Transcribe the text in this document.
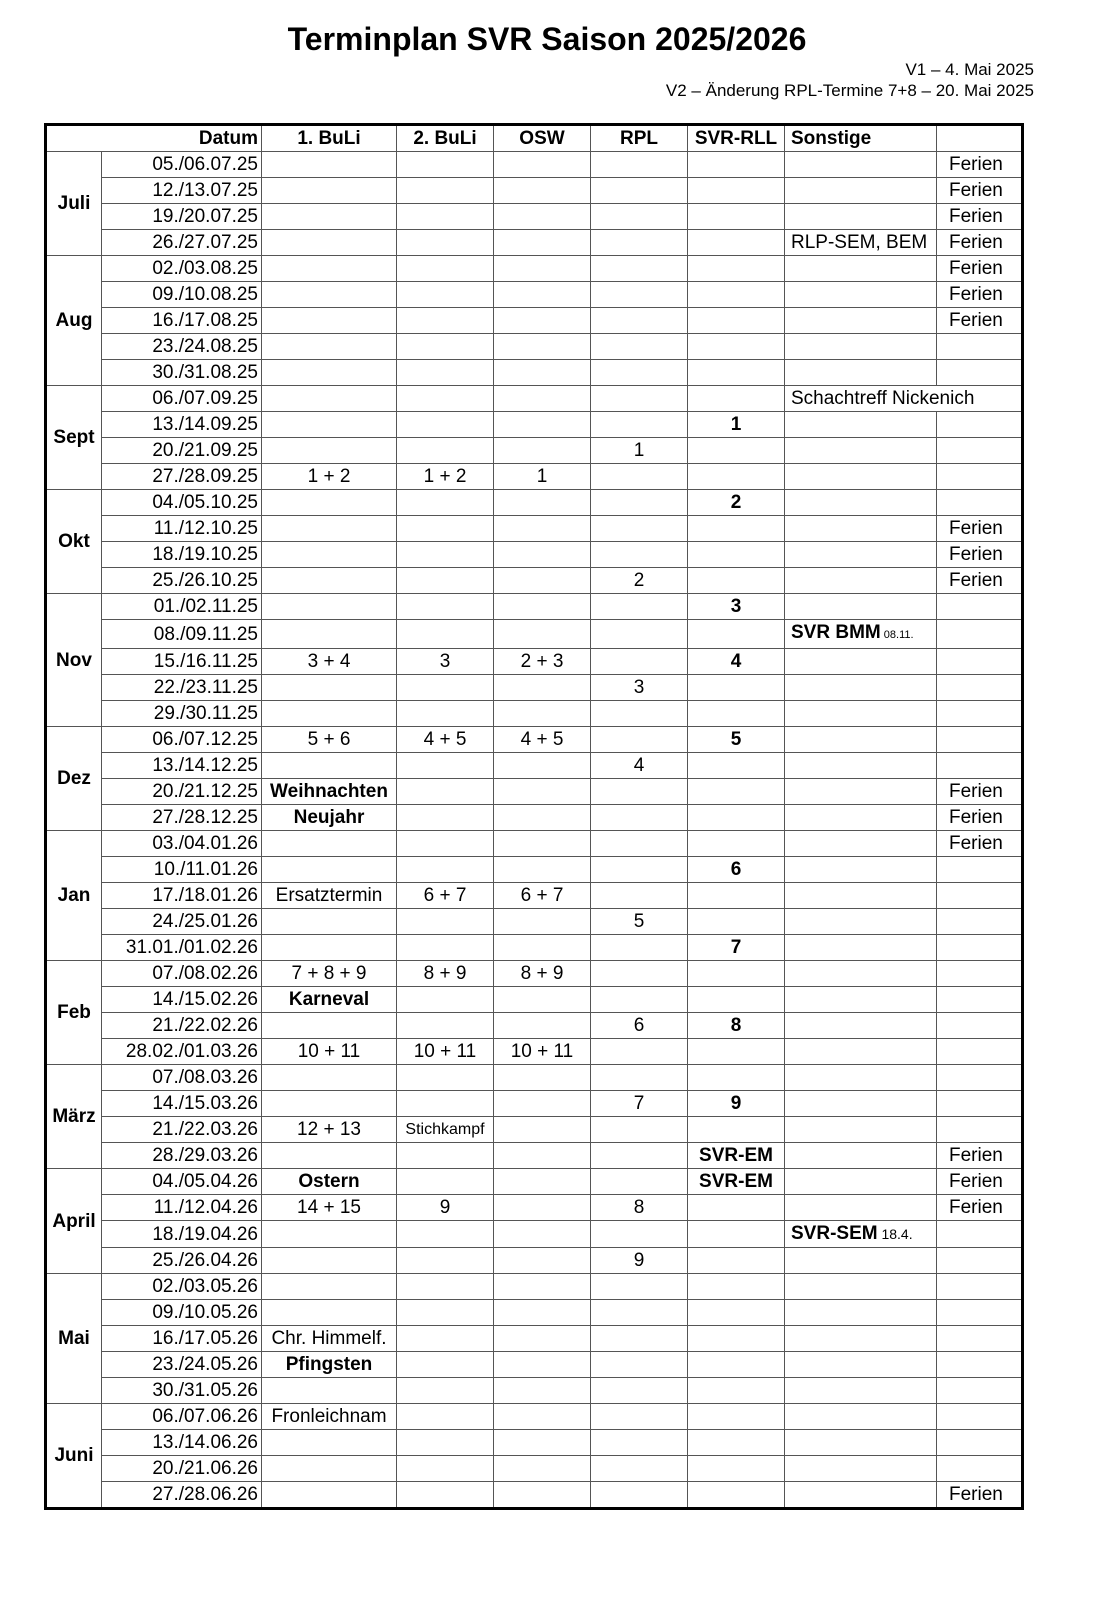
Terminplan SVR Saison 2025/2026
V1 – 4. Mai 2025
V2 – Änderung RPL-Termine 7+8 – 20. Mai 2025
Datum		1. BuLi	2. BuLi	OSW	RPL	SVR-RLL	Sonstige	
Juli	05./06.07.25							Ferien
	12./13.07.25							Ferien
	19./20.07.25							Ferien
	26./27.07.25						RLP-SEM, BEM	Ferien
Aug	02./03.08.25							Ferien
	09./10.08.25							Ferien
	16./17.08.25							Ferien
	23./24.08.25							
	30./31.08.25							
Sept	06./07.09.25						Schachtreff Nickenich	
	13./14.09.25					1		
	20./21.09.25				1			
	27./28.09.25	1 + 2	1 + 2	1				
Okt	04./05.10.25					2		
	11./12.10.25							Ferien
	18./19.10.25							Ferien
	25./26.10.25				2			Ferien
Nov	01./02.11.25					3		
	08./09.11.25						SVR BMM 08.11.	
	15./16.11.25	3 + 4	3	2 + 3		4		
	22./23.11.25				3			
	29./30.11.25							
Dez	06./07.12.25	5 + 6	4 + 5	4 + 5		5		
	13./14.12.25				4			
	20./21.12.25	Weihnachten						Ferien
	27./28.12.25	Neujahr						Ferien
Jan	03./04.01.26							Ferien
	10./11.01.26					6		
	17./18.01.26	Ersatztermin	6 + 7	6 + 7				
	24./25.01.26				5			
	31.01./01.02.26					7		
Feb	07./08.02.26	7 + 8 + 9	8 + 9	8 + 9				
	14./15.02.26	Karneval						
	21./22.02.26				6	8		
	28.02./01.03.26	10 + 11	10 + 11	10 + 11				
März	07./08.03.26							
	14./15.03.26				7	9		
	21./22.03.26	12 + 13	Stichkampf					
	28./29.03.26					SVR-EM		Ferien
April	04./05.04.26	Ostern				SVR-EM		Ferien
	11./12.04.26	14 + 15	9		8			Ferien
	18./19.04.26						SVR-SEM 18.4.	
	25./26.04.26				9			
Mai	02./03.05.26							
	09./10.05.26							
	16./17.05.26	Chr. Himmelf.						
	23./24.05.26	Pfingsten						
	30./31.05.26							
Juni	06./07.06.26	Fronleichnam						
	13./14.06.26							
	20./21.06.26							
	27./28.06.26							Ferien
